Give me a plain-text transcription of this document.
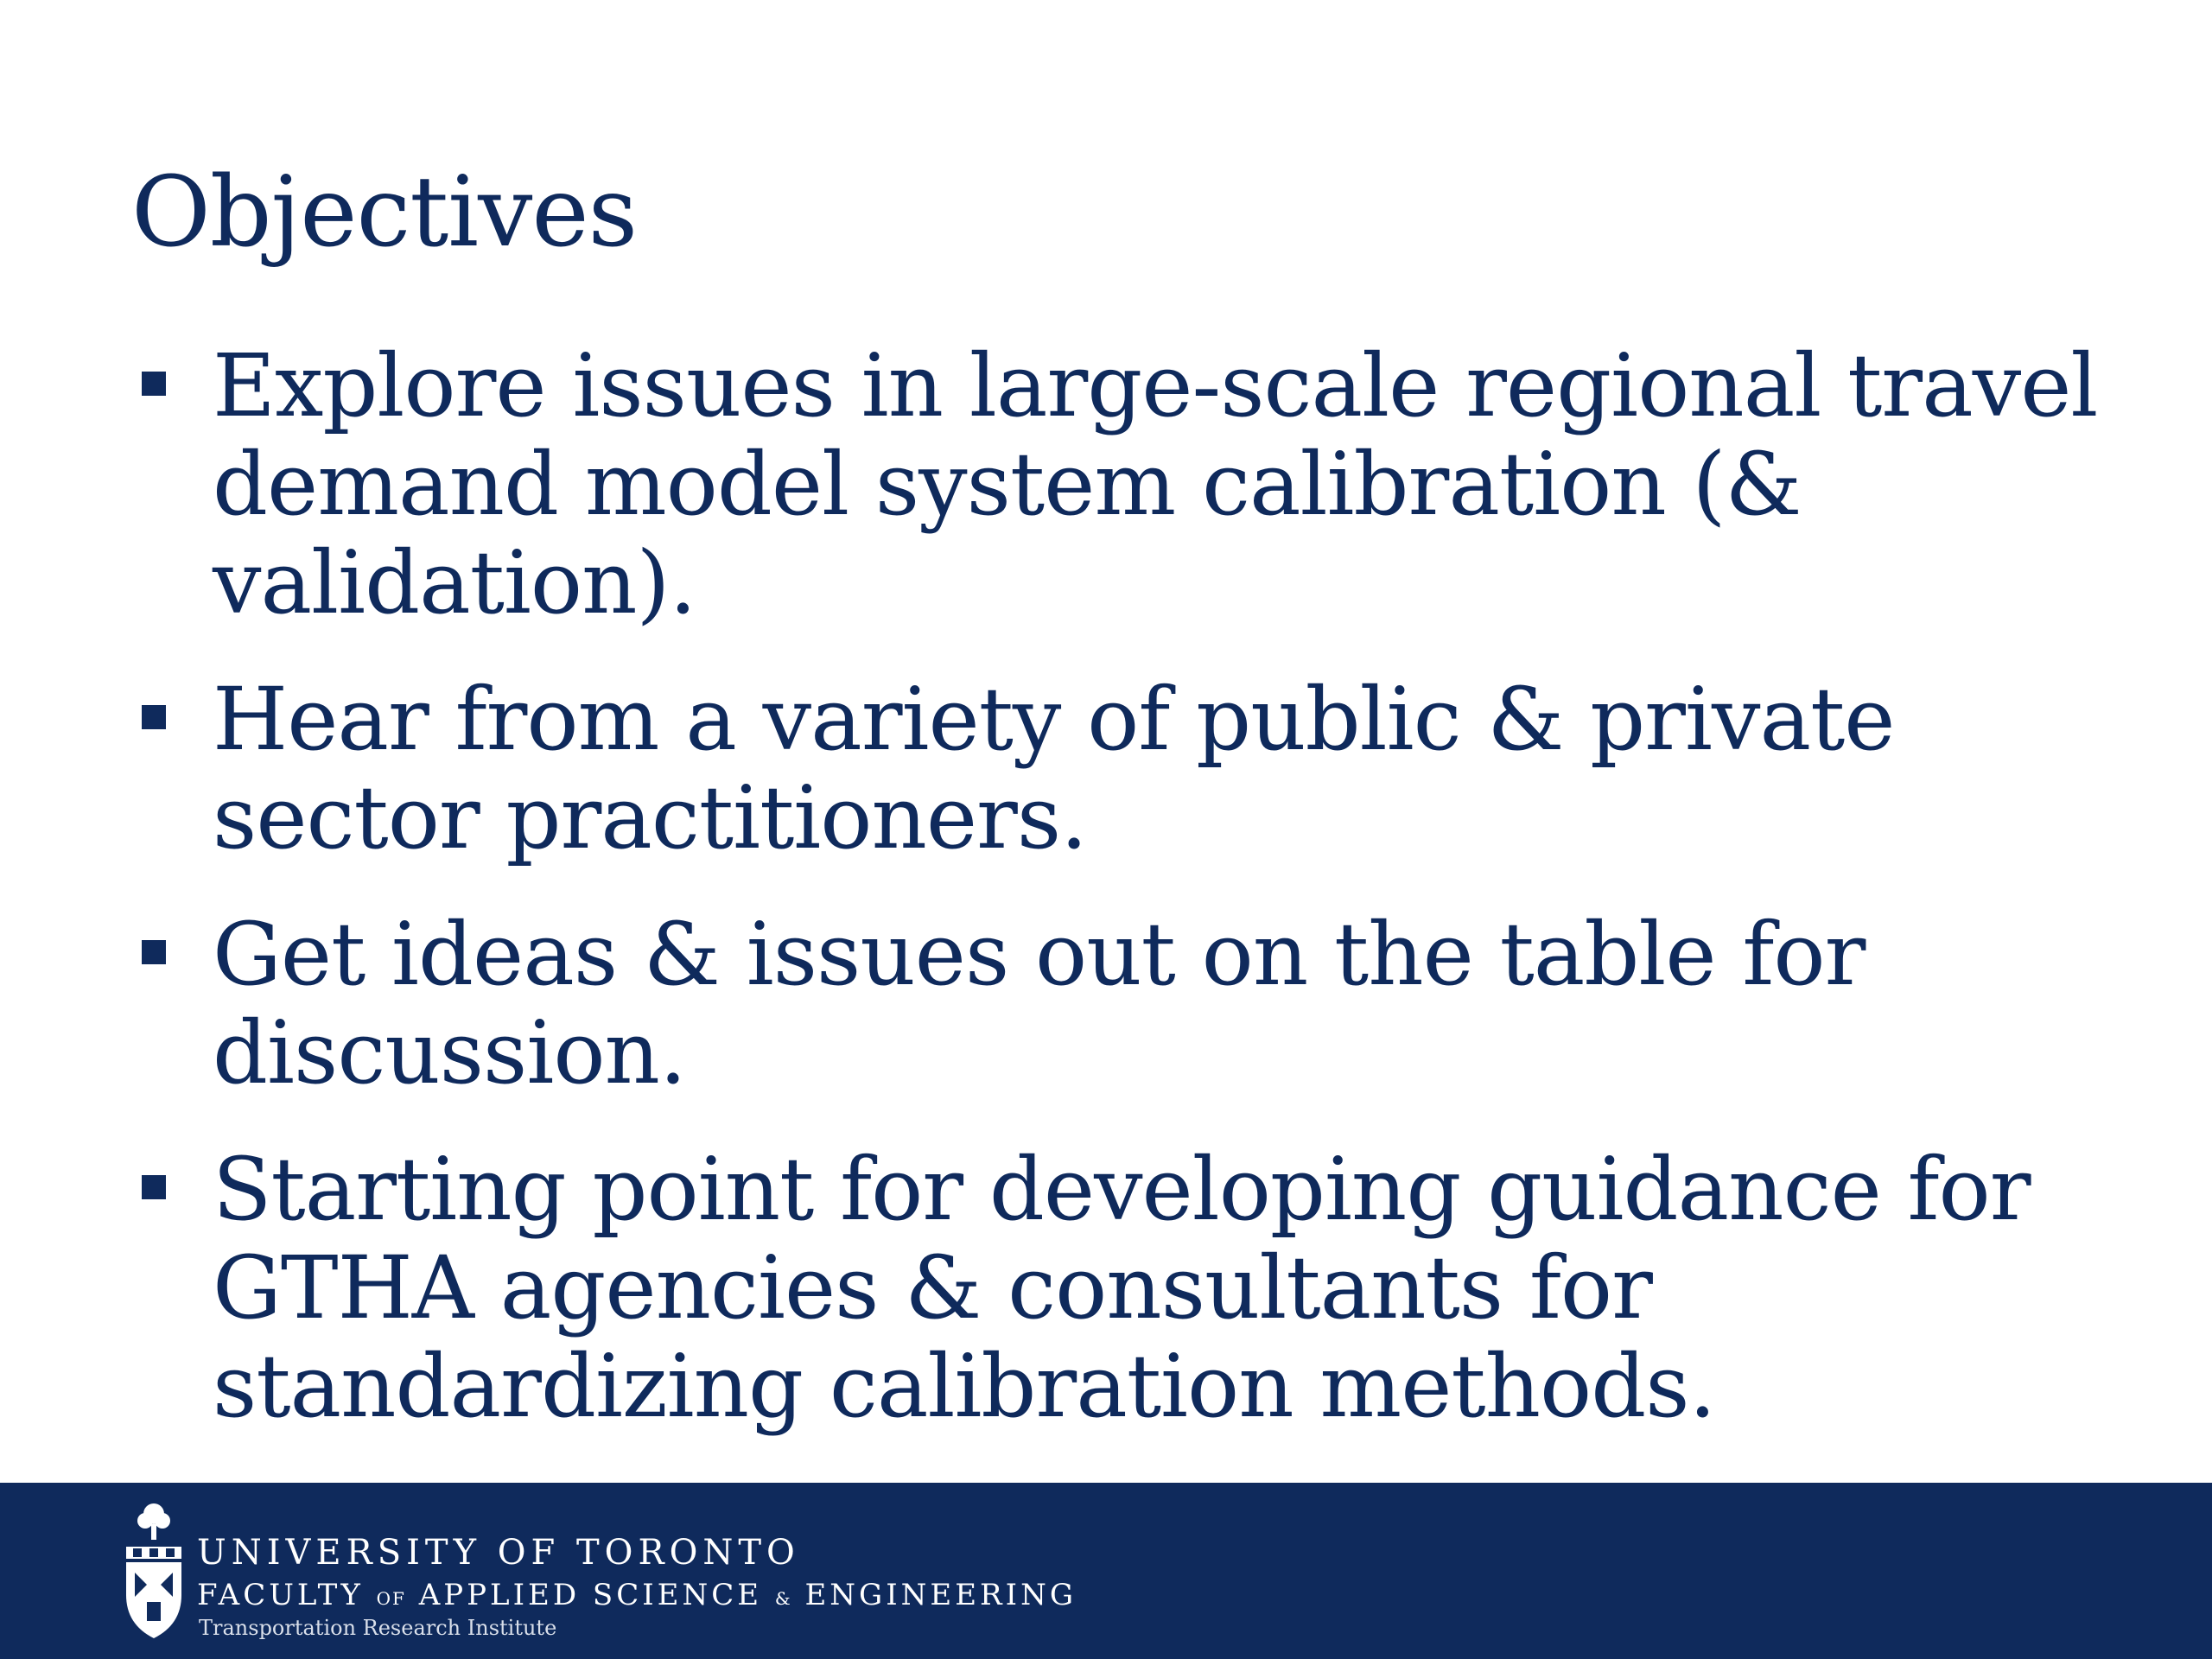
Objectives
Explore issues in large-scale regional travel demand model system calibration (& validation).
Hear from a variety of public & private sector practitioners.
Get ideas & issues out on the table for discussion.
Starting point for developing guidance for GTHA agencies & consultants for standardizing calibration methods.
UNIVERSITY OF TORONTO
FACULTY OF APPLIED SCIENCE & ENGINEERING
Transportation Research Institute
